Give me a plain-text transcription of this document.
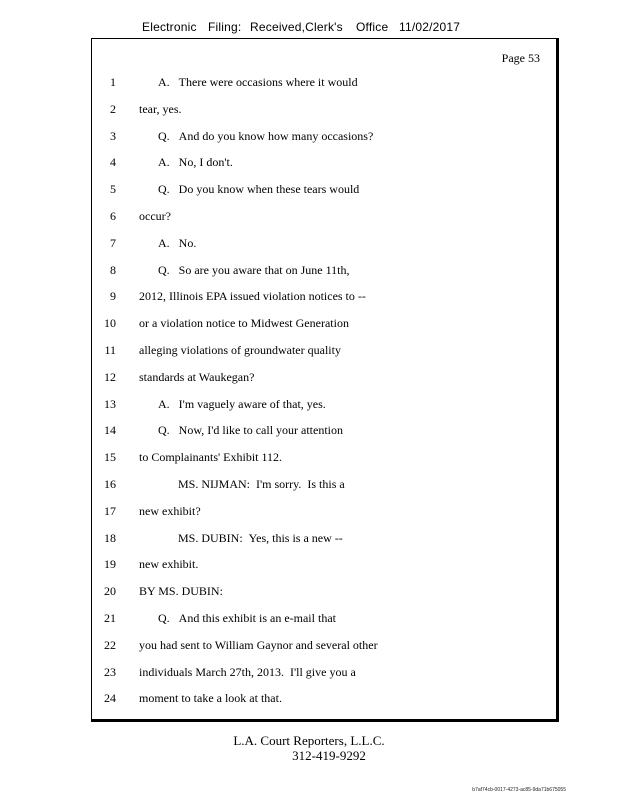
Electronic Filing: Received,Clerk's Office 11/02/2017
Page 53
1	A.   There were occasions where it would
2 tear, yes.
3	Q.   And do you know how many occasions?
4	A.   No, I don't.
5	Q.   Do you know when these tears would
6 occur?
7	A.   No.
8	Q.   So are you aware that on June 11th,
9 2012, Illinois EPA issued violation notices to --
10 or a violation notice to Midwest Generation
11 alleging violations of groundwater quality
12 standards at Waukegan?
13	A.   I'm vaguely aware of that, yes.
14	Q.   Now, I'd like to call your attention
15 to Complainants' Exhibit 112.
16	MS. NIJMAN:  I'm sorry.  Is this a
17 new exhibit?
18	MS. DUBIN:  Yes, this is a new --
19 new exhibit.
20 BY MS. DUBIN:
21	Q.   And this exhibit is an e-mail that
22 you had sent to William Gaynor and several other
23 individuals March 27th, 2013.  I'll give you a
24 moment to take a look at that.
L.A. Court Reporters, L.L.C.
312-419-9292
b7af74cb-0017-4273-ac85-9da71b675055
